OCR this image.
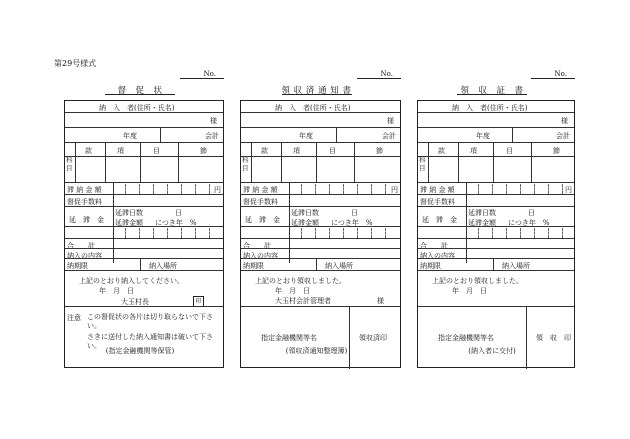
第29号様式
No.
督　促　状
納　入　者(住所・氏名)
様
年度	会計
科目
款	項	目	節
滞 納 金 額	円
督促手数料
延　滞　金
延滞日数	日
延滞金額 につき年　%
合　　計
納入の内容
納期限	納入場所
上記のとおり納入してください。
年　月　日
大玉村長	印
注意 この督促状の各片は切り取らないで下さい。
さきに送付した納入通知書は破いて下さい。
(指定金融機関等保管)
No.
領 収 済 通 知 書
納　入　者(住所・氏名)
様
年度	会計
科目
款	項	目	節
滞 納 金 額	円
督促手数料
延　滞　金
延滞日数	日
延滞金額 につき年　%
合　　計
納入の内容
納期限	納入場所
上記のとおり領収しました。
年　月　日
大玉村会計管理者	様
指定金融機関等名	領収済印
(領収済通知整理簿)
No.
領　収　証　書
納　入　者(住所・氏名)
様
年度	会計
科目
款	項	目	節
滞 納 金 額	円
督促手数料
延　滞　金
延滞日数	日
延滞金額 につき年　%
合　　計
納入の内容
納期限	納入場所
上記のとおり領収しました。
年　月　日
指定金融機関等名	領　収　印
(納入者に交付)
